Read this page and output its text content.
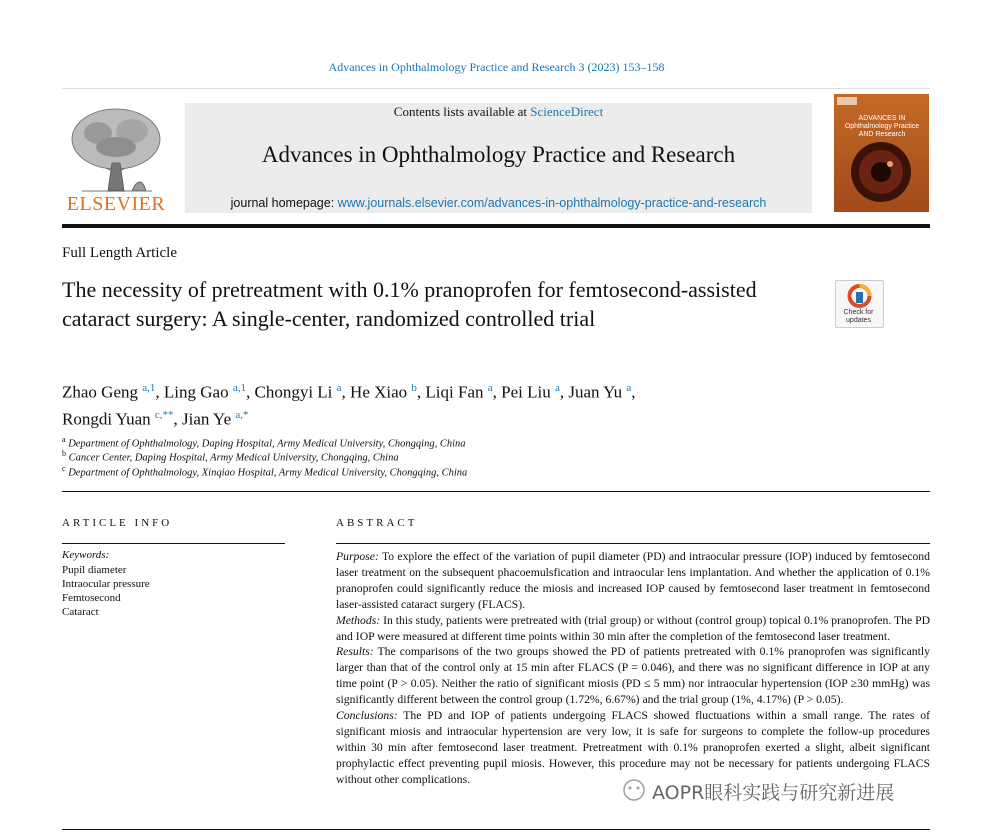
Advances in Ophthalmology Practice and Research 3 (2023) 153–158
ELSEVIER
Contents lists available at ScienceDirect
Advances in Ophthalmology Practice and Research
journal homepage: www.journals.elsevier.com/advances-in-ophthalmology-practice-and-research
ADVANCES IN Ophthalmology Practice AND Research
Full Length Article
The necessity of pretreatment with 0.1% pranoprofen for femtosecond-assisted cataract surgery: A single-center, randomized controlled trial	Check for updates
Zhao Geng $^{a,1}$, Ling Gao $^{a,1}$, Chongyi Li $^a$, He Xiao $^b$, Liqi Fan $^a$, Pei Liu $^a$, Juan Yu $^a$,
Rongdi Yuan $^{c,**}$, Jian Ye $^{a,*}$
$^a$ Department of Ophthalmology, Daping Hospital, Army Medical University, Chongqing, China
$^b$ Cancer Center, Daping Hospital, Army Medical University, Chongqing, China
$^c$ Department of Ophthalmology, Xinqiao Hospital, Army Medical University, Chongqing, China
ARTICLE INFO	ABSTRACT
Keywords:
Pupil diameter
Intraocular pressure
Femtosecond
Cataract

Purpose: To explore the effect of the variation of pupil diameter (PD) and intraocular pressure (IOP) induced by femtosecond laser treatment on the subsequent phacoemulsfication and intraocular lens implantation. And whether the application of 0.1% pranoprofen could significantly reduce the miosis and increased IOP caused by femtosecond laser treatment in femtosecond laser-assisted cataract surgery (FLACS).

Methods: In this study, patients were pretreated with (trial group) or without (control group) topical 0.1% pranoprofen. The PD and IOP were measured at different time points within 30 min after the completion of the femtosecond laser treatment.

Results: The comparisons of the two groups showed the PD of patients pretreated with 0.1% pranoprofen was significantly larger than that of the control only at 15 min after FLACS (P = 0.046), and there was no significant difference in IOP at any time point (P > 0.05). Neither the ratio of significant miosis (PD ≤ 5 mm) nor intraocular hypertension (IOP ≥30 mmHg) was significantly different between the control group (1.72%, 6.67%) and the trial group (1%, 4.17%) (P > 0.05).

Conclusions: The PD and IOP of patients undergoing FLACS showed fluctuations within a small range. The rates of significant miosis and intraocular hypertension are very low, it is safe for surgeons to complete the follow-up procedures within 30 min after femtosecond laser treatment. Pretreatment with 0.1% pranoprofen exerted a slight, albeit significant prophylactic effect preventing pupil miosis. However, this procedure may not be necessary for patients undergoing FLACS without other complications.

AOPR眼科实践与研究新进展
